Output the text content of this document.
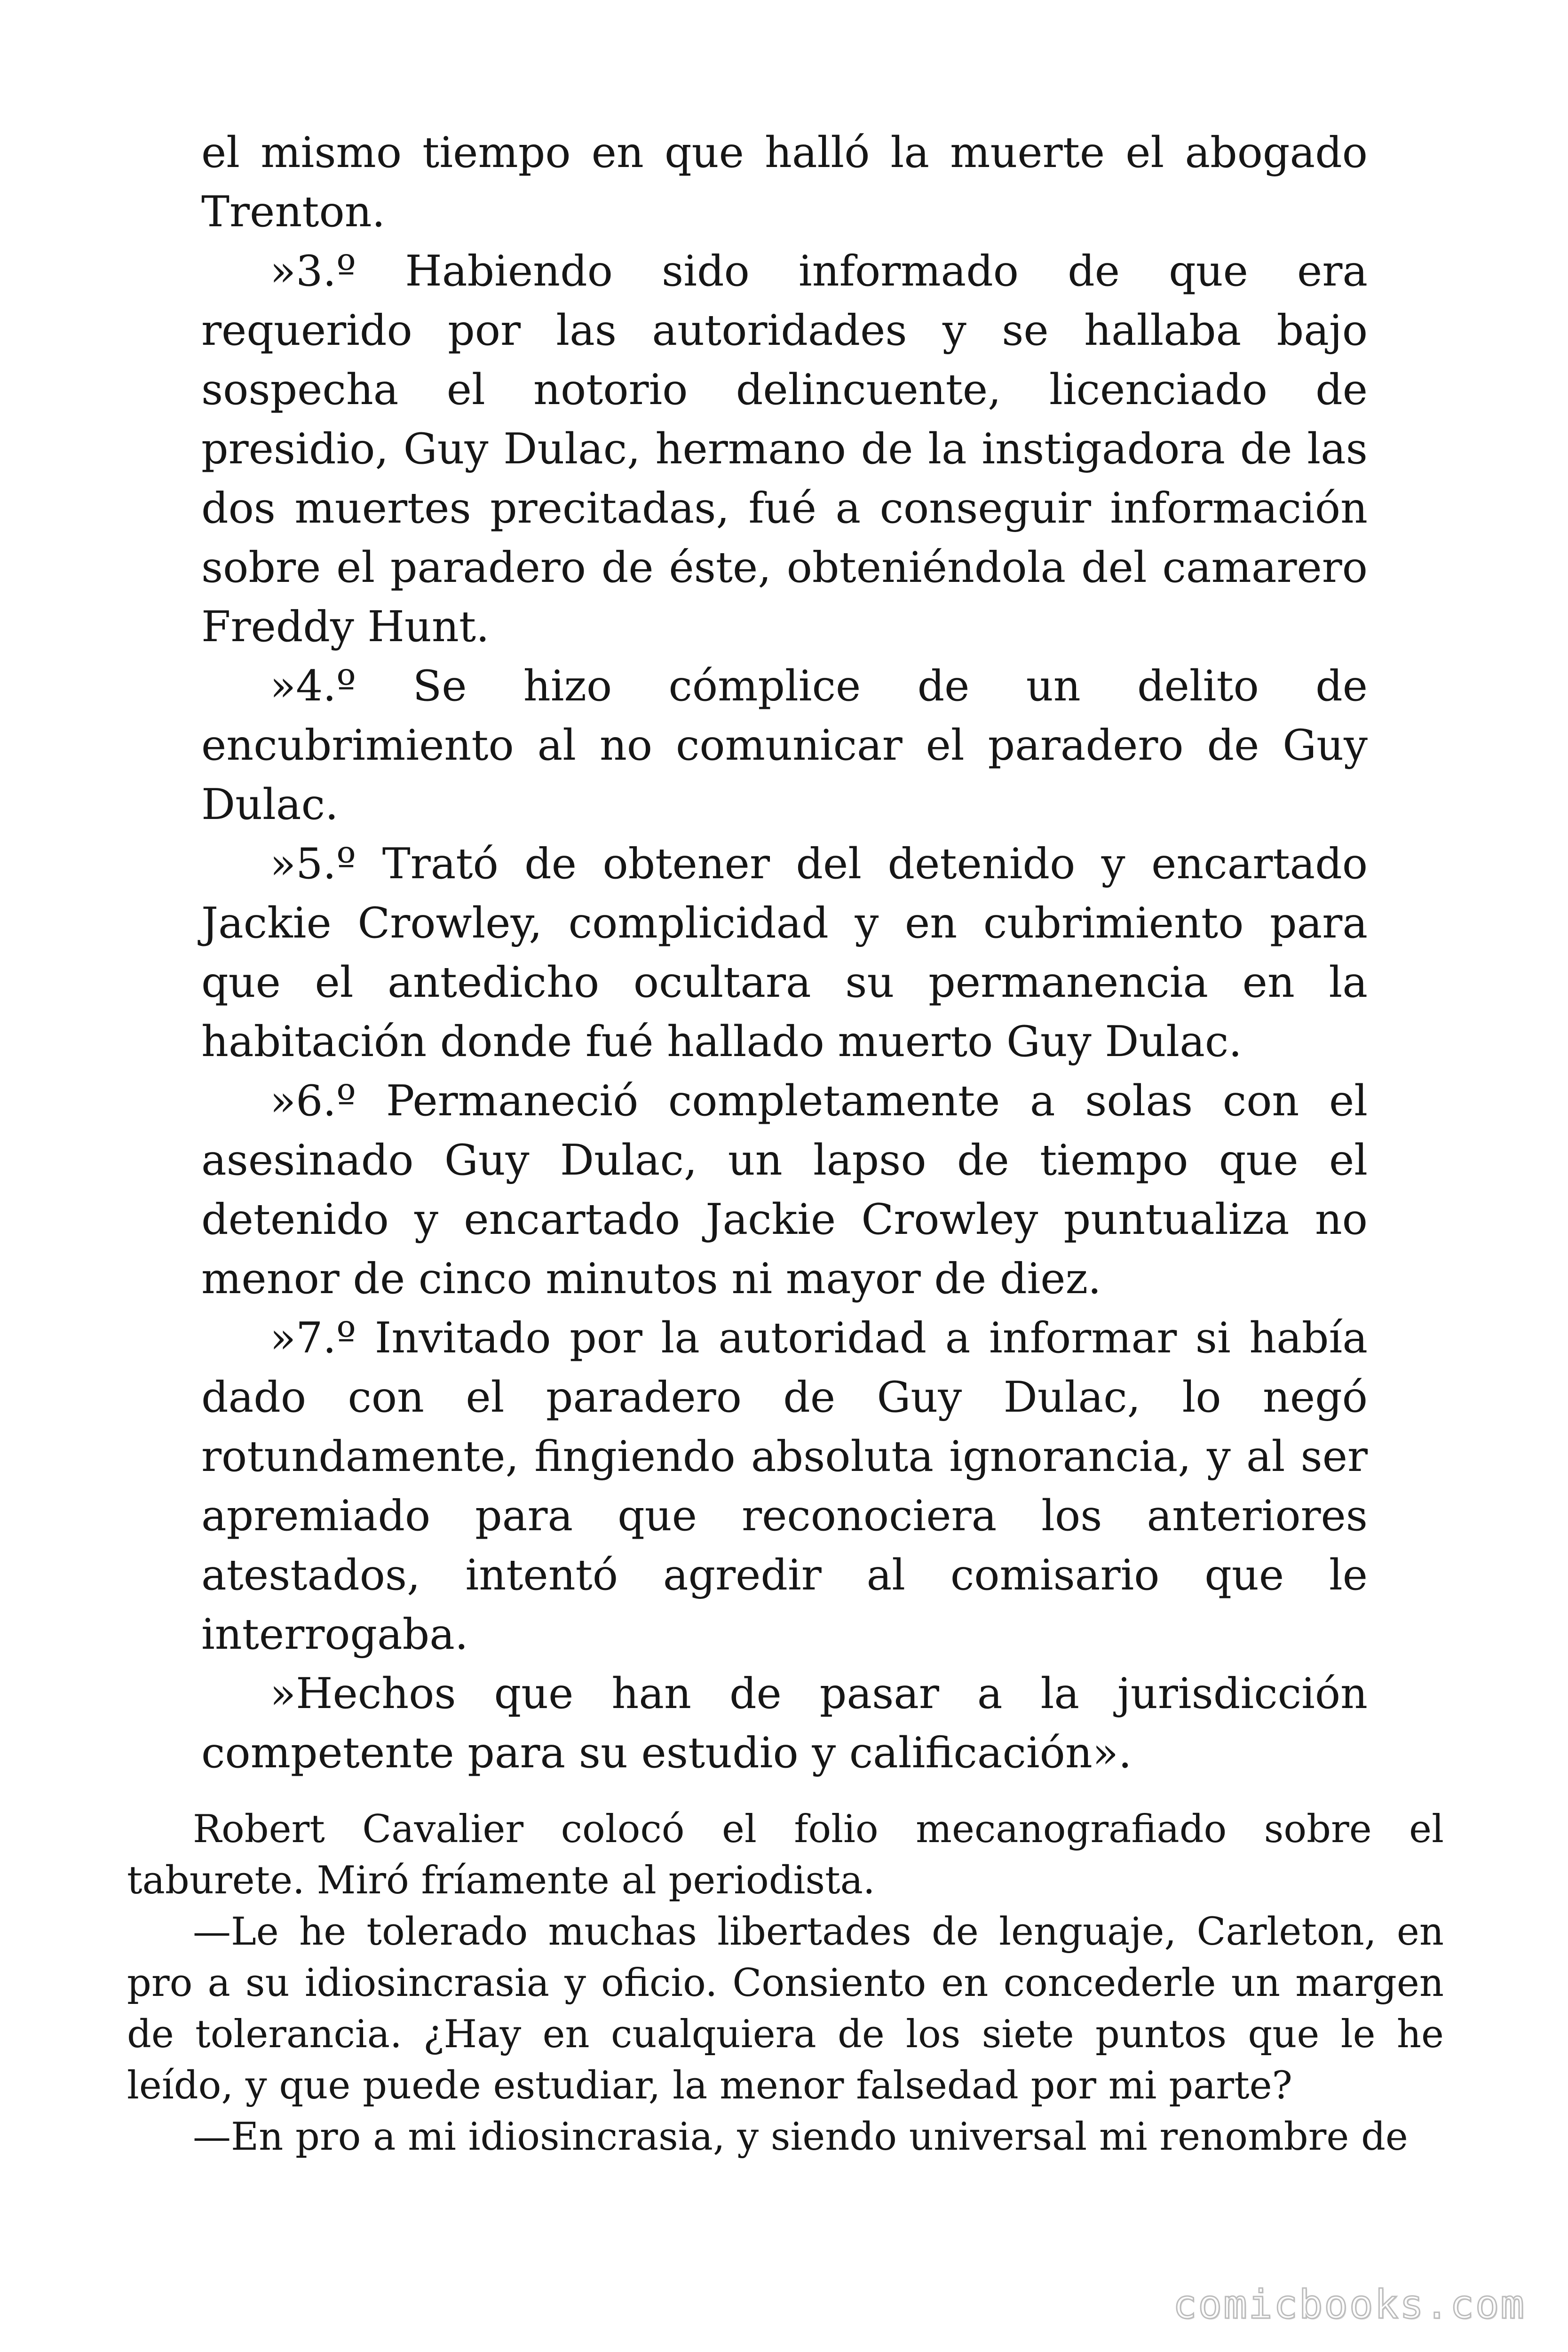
el mismo tiempo en que halló la muerte el abogado Trenton.

»3.º Habiendo sido informado de que era requerido por las autoridades y se hallaba bajo sospecha el notorio delincuente, licenciado de presidio, Guy Dulac, hermano de la instigadora de las dos muertes precitadas, fué a conseguir información sobre el paradero de éste, obteniéndola del camarero Freddy Hunt.

»4.º Se hizo cómplice de un delito de encubrimiento al no comunicar el paradero de Guy Dulac.

»5.º Trató de obtener del detenido y encartado Jackie Crowley, complicidad y en cubrimiento para que el antedicho ocultara su permanencia en la habitación donde fué hallado muerto Guy Dulac.

»6.º Permaneció completamente a solas con el asesinado Guy Dulac, un lapso de tiempo que el detenido y encartado Jackie Crowley puntualiza no menor de cinco minutos ni mayor de diez.

»7.º Invitado por la autoridad a informar si había dado con el paradero de Guy Dulac, lo negó rotundamente, fingiendo absoluta ignorancia, y al ser apremiado para que reconociera los anteriores atestados, intentó agredir al comisario que le interrogaba.

»Hechos que han de pasar a la jurisdicción competente para su estudio y calificación».

Robert Cavalier colocó el folio mecanografiado sobre el taburete. Miró fríamente al periodista.

—Le he tolerado muchas libertades de lenguaje, Carleton, en pro a su idiosincrasia y oficio. Consiento en concederle un margen de tolerancia. ¿Hay en cualquiera de los siete puntos que le he leído, y que puede estudiar, la menor falsedad por mi parte?

—En pro a mi idiosincrasia, y siendo universal mi renombre de

comicbooks.com
